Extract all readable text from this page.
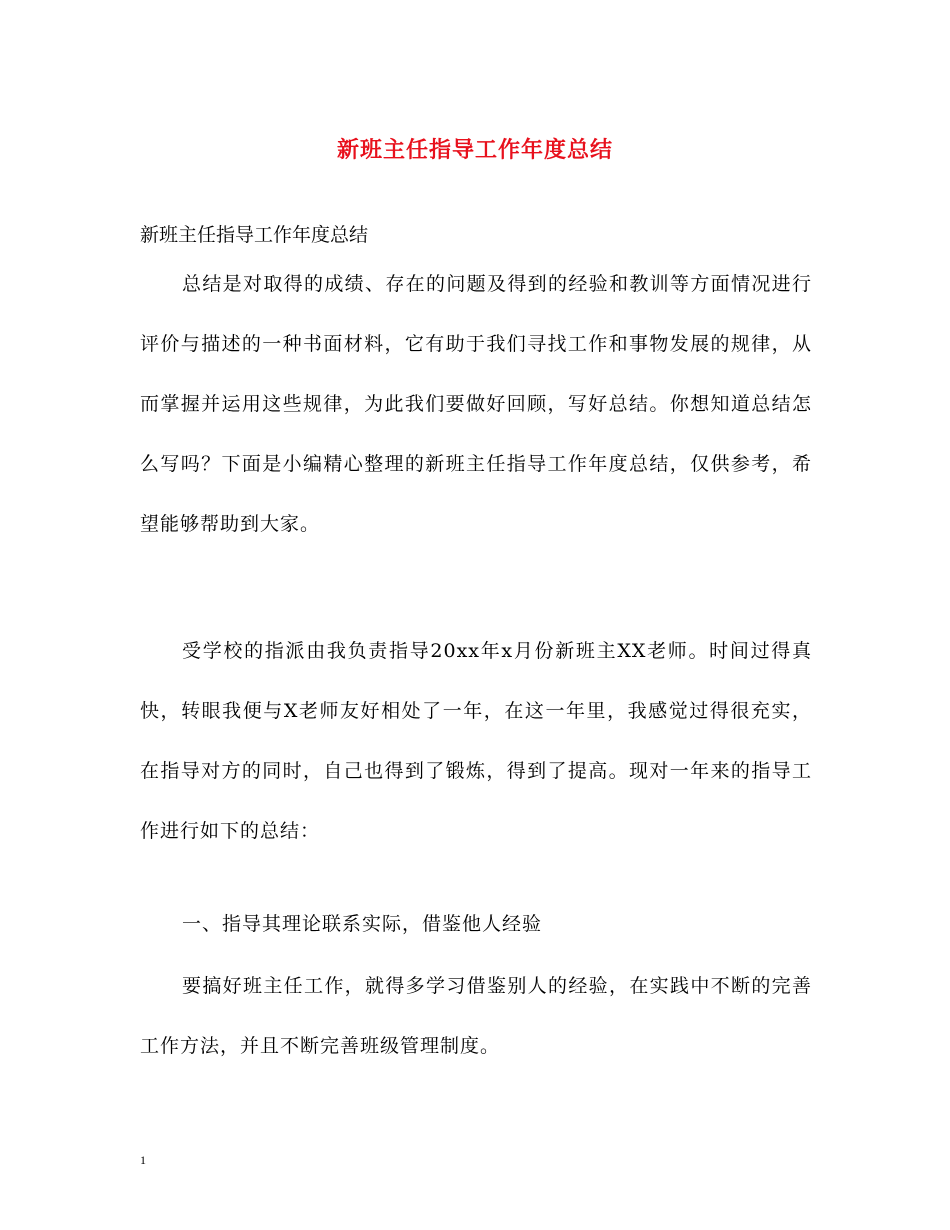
新班主任指导工作年度总结
新班主任指导工作年度总结

总结是对取得的成绩、存在的问题及得到的经验和教训等方面情况进行评价与描述的一种书面材料，它有助于我们寻找工作和事物发展的规律，从而掌握并运用这些规律，为此我们要做好回顾，写好总结。你想知道总结怎么写吗？下面是小编精心整理的新班主任指导工作年度总结，仅供参考，希望能够帮助到大家。

受学校的指派由我负责指导20xx年x月份新班主XX老师。时间过得真快，转眼我便与X老师友好相处了一年，在这一年里，我感觉过得很充实，在指导对方的同时，自己也得到了锻炼，得到了提高。现对一年来的指导工作进行如下的总结：

一、指导其理论联系实际，借鉴他人经验

要搞好班主任工作，就得多学习借鉴别人的经验，在实践中不断的完善工作方法，并且不断完善班级管理制度。

1
